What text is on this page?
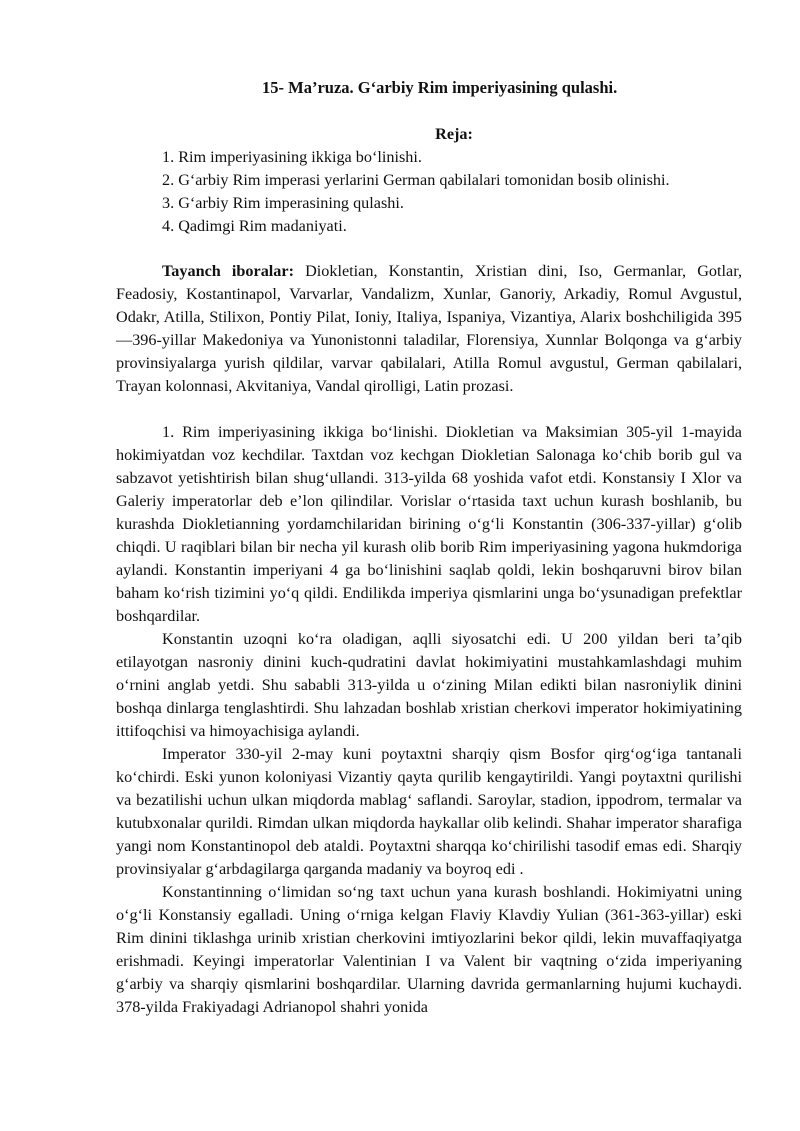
15- Ma’ruza. G‘arbiy Rim imperiyasining qulashi.
Reja:
1. Rim imperiyasining ikkiga bo‘linishi.
2. G‘arbiy Rim imperasi yerlarini German qabilalari tomonidan bosib olinishi.
3. G‘arbiy Rim imperasining qulashi.
4. Qadimgi Rim madaniyati.

Tayanch iboralar: Diokletian, Konstantin, Xristian dini, Iso, Germanlar, Gotlar, Feadosiy, Kostantinapol, Varvarlar, Vandalizm, Xunlar, Ganoriy, Arkadiy, Romul Avgustul, Odakr, Atilla, Stilixon, Pontiy Pilat, Ioniy, Italiya, Ispaniya, Vizantiya, Alarix boshchiligida 395—396-yillar Makedoniya va Yunonistonni taladilar, Florensiya, Xunnlar Bolqonga va g‘arbiy provinsiyalarga yurish qildilar, varvar qabilalari, Atilla Romul avgustul, German qabilalari, Trayan kolonnasi, Akvitaniya, Vandal qirolligi, Latin prozasi.

1. Rim imperiyasining ikkiga bo‘linishi. Diokletian va Maksimian 305-yil 1-mayida hokimiyatdan voz kechdilar. Taxtdan voz kechgan Diokletian Salonaga ko‘chib borib gul va sabzavot yetishtirish bilan shug‘ullandi. 313-yilda 68 yoshida vafot etdi. Konstansiy I Xlor va Galeriy imperatorlar deb e’lon qilindilar. Vorislar o‘rtasida taxt uchun kurash boshlanib, bu kurashda Diokletianning yordamchilaridan birining o‘g‘li Konstantin (306-337-yillar) g‘olib chiqdi. U raqiblari bilan bir necha yil kurash olib borib Rim imperiyasining yagona hukmdoriga aylandi. Konstantin imperiyani 4 ga bo‘linishini saqlab qoldi, lekin boshqaruvni birov bilan baham ko‘rish tizimini yo‘q qildi. Endilikda imperiya qismlarini unga bo‘ysunadigan prefektlar boshqardilar.

Konstantin uzoqni ko‘ra oladigan, aqlli siyosatchi edi. U 200 yildan beri ta’qib etilayotgan nasroniy dinini kuch-qudratini davlat hokimiyatini mustahkamlashdagi muhim o‘rnini anglab yetdi. Shu sababli 313-yilda u o‘zining Milan edikti bilan nasroniylik dinini boshqa dinlarga tenglashtirdi. Shu lahzadan boshlab xristian cherkovi imperator hokimiyatining ittifoqchisi va himoyachisiga aylandi.

Imperator 330-yil 2-may kuni poytaxtni sharqiy qism Bosfor qirg‘og‘iga tantanali ko‘chirdi. Eski yunon koloniyasi Vizantiy qayta qurilib kengaytirildi. Yangi poytaxtni qurilishi va bezatilishi uchun ulkan miqdorda mablag‘ saflandi. Saroylar, stadion, ippodrom, termalar va kutubxonalar qurildi. Rimdan ulkan miqdorda haykallar olib kelindi. Shahar imperator sharafiga yangi nom Konstantinopol deb ataldi. Poytaxtni sharqqa ko‘chirilishi tasodif emas edi. Sharqiy provinsiyalar g‘arbdagilarga qarganda madaniy va boyroq edi .

Konstantinning o‘limidan so‘ng taxt uchun yana kurash boshlandi. Hokimiyatni uning o‘g‘li Konstansiy egalladi. Uning o‘rniga kelgan Flaviy Klavdiy Yulian (361-363-yillar) eski Rim dinini tiklashga urinib xristian cherkovini imtiyozlarini bekor qildi, lekin muvaffaqiyatga erishmadi. Keyingi imperatorlar Valentinian I va Valent bir vaqtning o‘zida imperiyaning g‘arbiy va sharqiy qismlarini boshqardilar. Ularning davrida germanlarning hujumi kuchaydi. 378-yilda Frakiyadagi Adrianopol shahri yonida
